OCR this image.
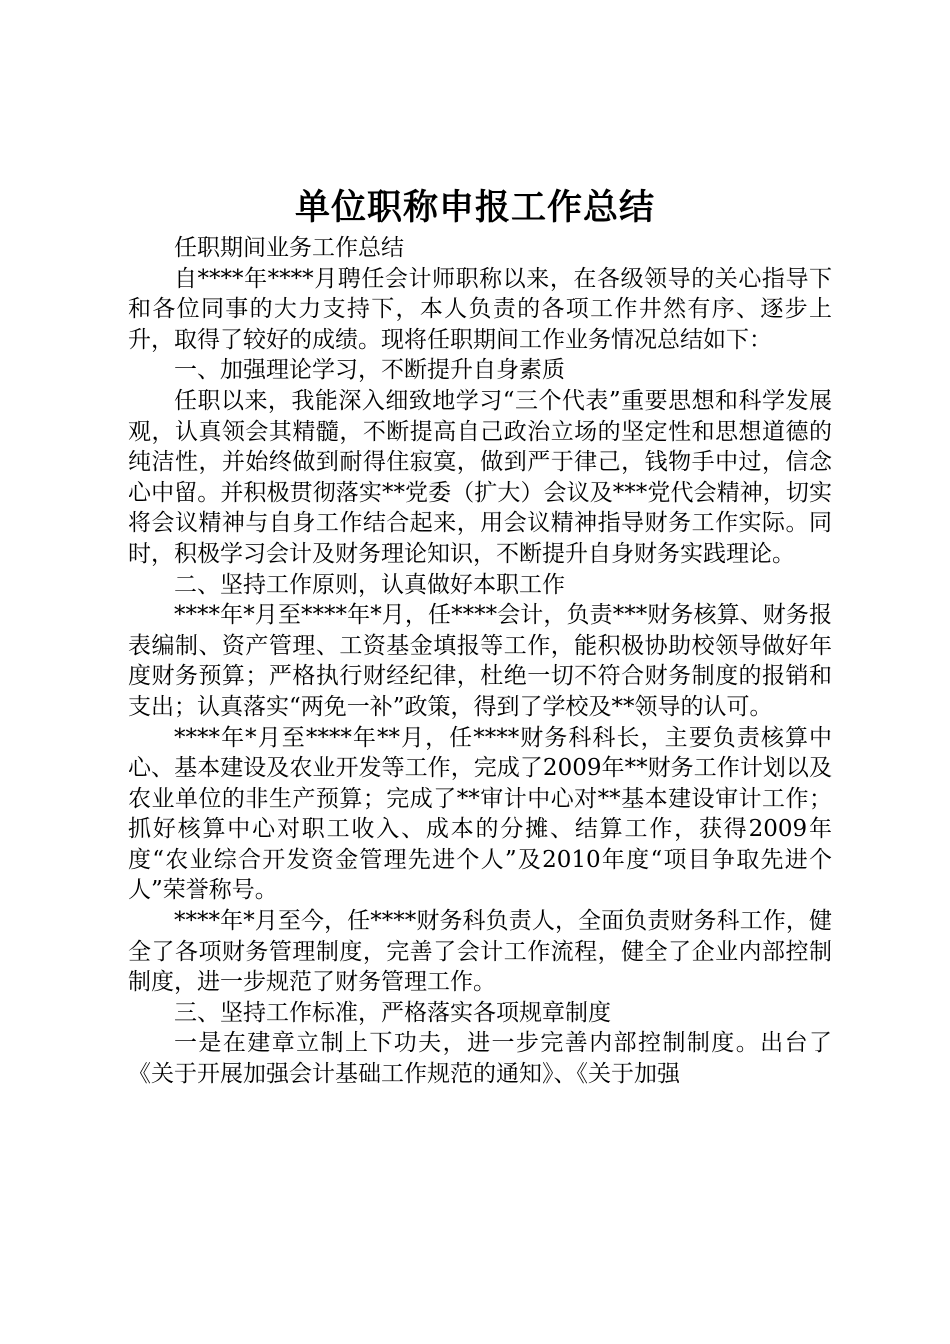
单位职称申报工作总结

任职期间业务工作总结

自****年****月聘任会计师职称以来，在各级领导的关心指导下和各位同事的大力支持下，本人负责的各项工作井然有序、逐步上升，取得了较好的成绩。现将任职期间工作业务情况总结如下：

一、加强理论学习，不断提升自身素质

任职以来，我能深入细致地学习“三个代表”重要思想和科学发展观，认真领会其精髓，不断提高自己政治立场的坚定性和思想道德的纯洁性，并始终做到耐得住寂寞，做到严于律己，钱物手中过，信念心中留。并积极贯彻落实**党委（扩大）会议及***党代会精神，切实将会议精神与自身工作结合起来，用会议精神指导财务工作实际。同时，积极学习会计及财务理论知识，不断提升自身财务实践理论。

二、坚持工作原则，认真做好本职工作

****年*月至****年*月，任****会计，负责***财务核算、财务报表编制、资产管理、工资基金填报等工作，能积极协助校领导做好年度财务预算；严格执行财经纪律，杜绝一切不符合财务制度的报销和支出；认真落实“两免一补”政策，得到了学校及**领导的认可。

****年*月至****年**月，任****财务科科长，主要负责核算中心、基本建设及农业开发等工作，完成了2009年**财务工作计划以及农业单位的非生产预算；完成了**审计中心对**基本建设审计工作；抓好核算中心对职工收入、成本的分摊、结算工作，获得2009年度“农业综合开发资金管理先进个人”及2010年度“项目争取先进个人”荣誉称号。

****年*月至今，任****财务科负责人，全面负责财务科工作，健全了各项财务管理制度，完善了会计工作流程，健全了企业内部控制制度，进一步规范了财务管理工作。

三、坚持工作标准，严格落实各项规章制度

一是在建章立制上下功夫，进一步完善内部控制制度。出台了《关于开展加强会计基础工作规范的通知》、《关于加强
